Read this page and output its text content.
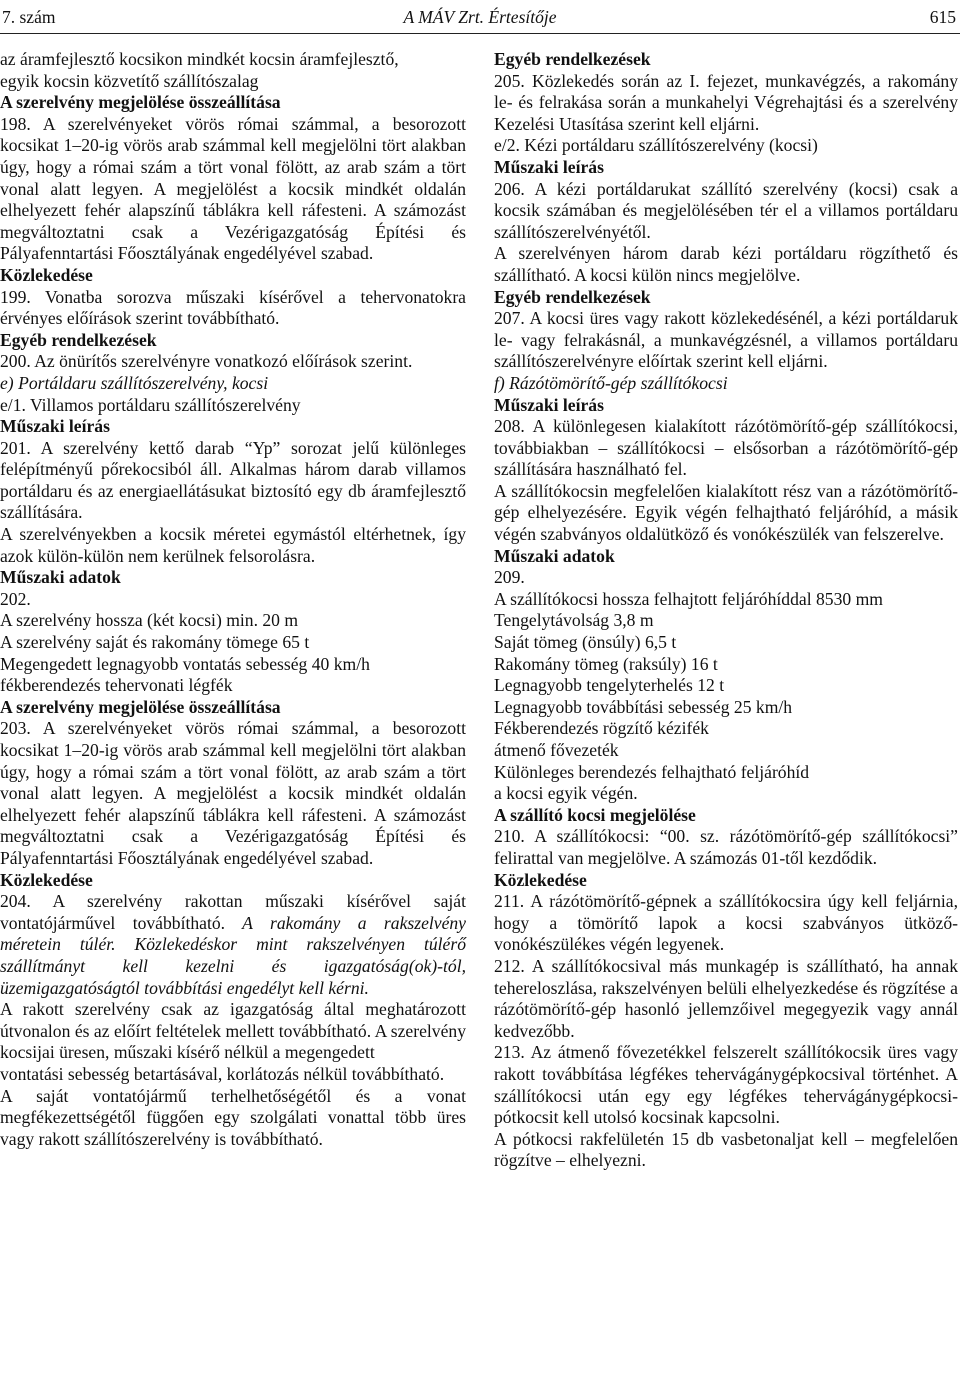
7. szám	A MÁV Zrt. Értesítője	615

az áramfejlesztő kocsikon mindkét kocsin áramfejlesztő,

egyik kocsin közvetítő szállítószalag

A szerelvény megjelölése összeállítása

198. A szerelvényeket vörös római számmal, a besorozott kocsikat 1–20-ig vörös arab számmal kell megjelölni tört alakban úgy, hogy a római szám a tört vonal fölött, az arab szám a tört vonal alatt legyen. A megjelölést a kocsik mindkét oldalán elhelyezett fehér alapszínű táblákra kell ráfesteni. A számozást megváltoztatni csak a Vezérigazgatóság Építési és Pályafenntartási Főosztályának engedélyével szabad.

Közlekedése

199. Vonatba sorozva műszaki kísérővel a tehervonatokra érvényes előírások szerint továbbítható.

Egyéb rendelkezések

200. Az önürítős szerelvényre vonatkozó előírások szerint.

e) Portáldaru szállítószerelvény, kocsi

e/1. Villamos portáldaru szállítószerelvény

Műszaki leírás

201. A szerelvény kettő darab “Yp” sorozat jelű különleges felépítményű pőrekocsiból áll. Alkalmas három darab villamos portáldaru és az energiaellátásukat biztosító egy db áramfejlesztő szállítására.

A szerelvényekben a kocsik méretei egymástól eltérhetnek, így azok külön-külön nem kerülnek felsorolásra.

Műszaki adatok

202.

A szerelvény hossza (két kocsi) min. 20 m

A szerelvény saját és rakomány tömege 65 t

Megengedett legnagyobb vontatás sebesség 40 km/h

fékberendezés tehervonati légfék

A szerelvény megjelölése összeállítása

203. A szerelvényeket vörös római számmal, a besorozott kocsikat 1–20-ig vörös arab számmal kell megjelölni tört alakban úgy, hogy a római szám a tört vonal fölött, az arab szám a tört vonal alatt legyen. A megjelölést a kocsik mindkét oldalán elhelyezett fehér alapszínű táblákra kell ráfesteni. A számozást megváltoztatni csak a Vezérigazgatóság Építési és Pályafenntartási Főosztályának engedélyével szabad.

Közlekedése

204. A szerelvény rakottan műszaki kísérővel saját vontatójárművel továbbítható. A rakomány a rakszelvény méretein túlér. Közlekedéskor mint rakszelvényen túlérő szállítmányt kell kezelni és igazgatóság(ok)-tól, üzemigazgatóságtól továbbítási engedélyt kell kérni.

A rakott szerelvény csak az igazgatóság által meghatározott útvonalon és az előírt feltételek mellett továbbítható. A szerelvény kocsijai üresen, műszaki kísérő nélkül a megengedett

vontatási sebesség betartásával, korlátozás nélkül továbbítható.

A saját vontatójármű terhelhetőségétől és a vonat megfékezettségétől függően egy szolgálati vonattal több üres vagy rakott szállítószerelvény is továbbítható.

Egyéb rendelkezések

205. Közlekedés során az I. fejezet, munkavégzés, a rakomány le- és felrakása során a munkahelyi Végrehajtási és a szerelvény Kezelési Utasítása szerint kell eljárni.

e/2. Kézi portáldaru szállítószerelvény (kocsi)

Műszaki leírás

206. A kézi portáldarukat szállító szerelvény (kocsi) csak a kocsik számában és megjelölésében tér el a villamos portáldaru szállítószerelvényétől.

A szerelvényen három darab kézi portáldaru rögzíthető és szállítható. A kocsi külön nincs megjelölve.

Egyéb rendelkezések

207. A kocsi üres vagy rakott közlekedésénél, a kézi portáldaruk le- vagy felrakásnál, a munkavégzésnél, a villamos portáldaru szállítószerelvényre előírtak szerint kell eljárni.

f) Rázótömörítő-gép szállítókocsi

Műszaki leírás

208. A különlegesen kialakított rázótömörítő-gép szállítókocsi, továbbiakban – szállítókocsi – elsősorban a rázótömörítő-gép szállítására használható fel.

A szállítókocsin megfelelően kialakított rész van a rázótömörítő-gép elhelyezésére. Egyik végén felhajtható feljáróhíd, a másik végén szabványos oldalütköző és vonókészülék van felszerelve.

Műszaki adatok

209.

A szállítókocsi hossza felhajtott feljáróhíddal 8530 mm

Tengelytávolság 3,8 m

Saját tömeg (önsúly) 6,5 t

Rakomány tömeg (raksúly) 16 t

Legnagyobb tengelyterhelés 12 t

Legnagyobb továbbítási sebesség 25 km/h

Fékberendezés rögzítő kézifék

átmenő fővezeték

Különleges berendezés felhajtható feljáróhíd

a kocsi egyik végén.

A szállító kocsi megjelölése

210. A szállítókocsi: “00. sz. rázótömörítő-gép szállítókocsi” felirattal van megjelölve. A számozás 01-től kezdődik.

Közlekedése

211. A rázótömörítő-gépnek a szállítókocsira úgy kell feljárnia, hogy a tömörítő lapok a kocsi szabványos ütköző-vonókészülékes végén legyenek.

212. A szállítókocsival más munkagép is szállítható, ha annak tehereloszlása, rakszelvényen belüli elhelyezkedése és rögzítése a rázótömörítő-gép hasonló jellemzőivel megegyezik vagy annál kedvezőbb.

213. Az átmenő fővezetékkel felszerelt szállítókocsik üres vagy rakott továbbítása légfékes tehervágánygépkocsival történhet. A szállítókocsi után egy egy légfékes tehervágánygépkocsi-pótkocsit kell utolsó kocsinak kapcsolni.

A pótkocsi rakfelületén 15 db vasbetonaljat kell – megfelelően rögzítve – elhelyezni.
